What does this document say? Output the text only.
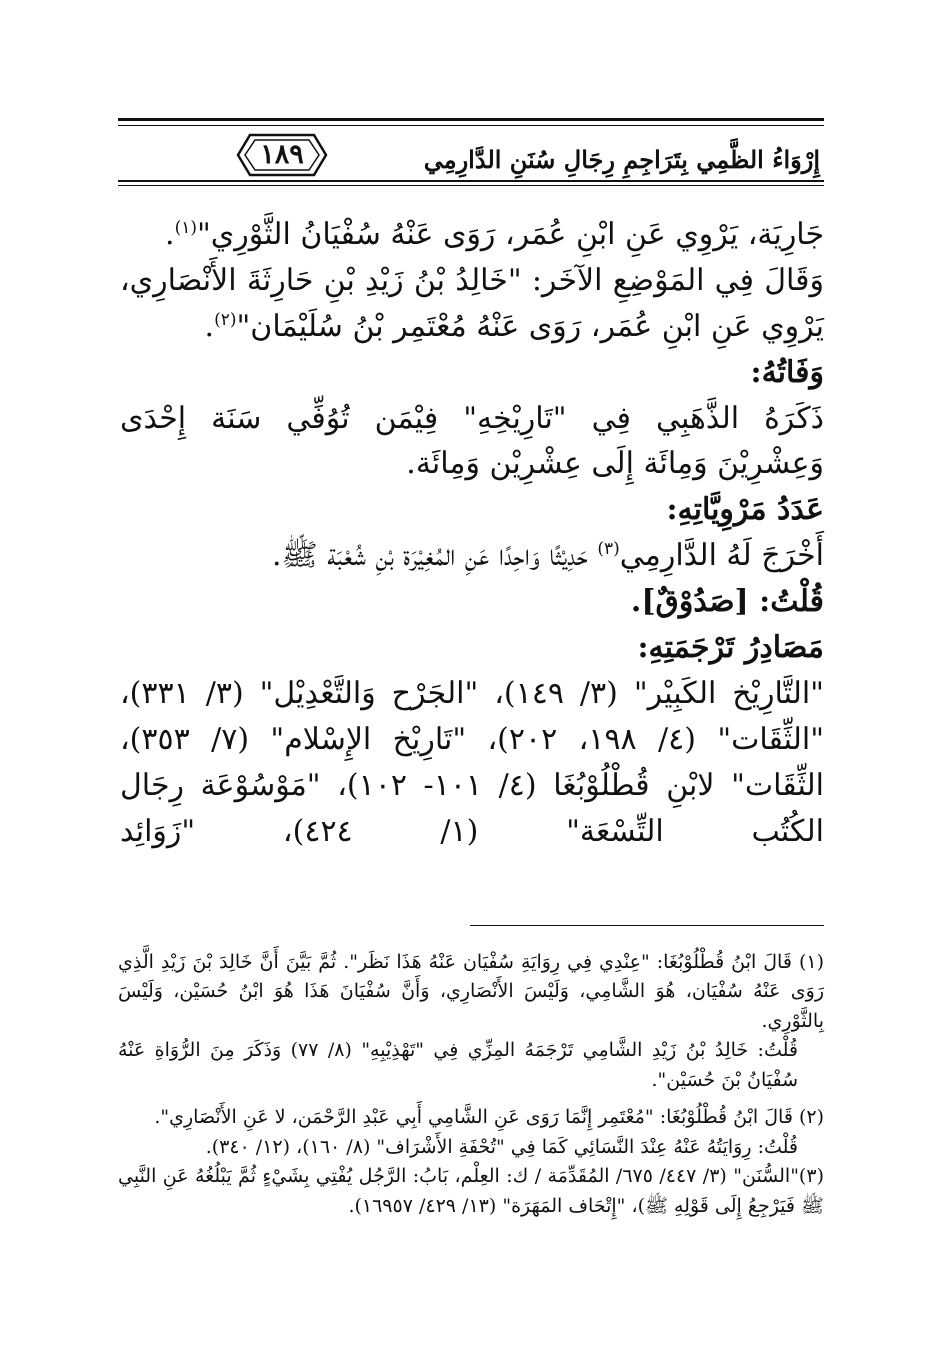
١٨٩	إِرْوَاءُ الظَّمِي بِتَرَاجِمِ رِجَالِ سُنَنِ الدَّارِمِي

جَارِيَة، يَرْوِي عَنِ ابْنِ عُمَر، رَوَى عَنْهُ سُفْيَانُ الثَّوْرِي"$^{(١)}$.

وَقَالَ فِي المَوْضِعِ الآخَر: "خَالِدُ بْنُ زَيْدِ بْنِ حَارِثَةَ الأَنْصَارِي، يَرْوِي عَنِ ابْنِ عُمَر، رَوَى عَنْهُ مُعْتَمِر بْنُ سُلَيْمَان"$^{(٢)}$.

وَفَاتُهُ:

ذَكَرَهُ الذَّهَبِي فِي "تَارِيْخِهِ" فِيْمَن تُوُفِّي سَنَة إِحْدَى وَعِشْرِيْنَ وَمِائَة إِلَى عِشْرِيْن وَمِائَة.

عَدَدُ مَرْوِيَّاتِهِ:

أَخْرَجَ لَهُ الدَّارِمِي$^{(٣)}$ حَدِيْثًا وَاحِدًا عَنِ المُغِيْرَة بْنِ شُعْبَة ﷺ.

قُلْتُ: [صَدُوْقٌ].

مَصَادِرُ تَرْجَمَتِهِ:

"التَّارِيْخ الكَبِيْر" (٣/ ١٤٩)، "الجَرْح وَالتَّعْدِيْل" (٣/ ٣٣١)، "الثِّقَات" (٤/ ١٩٨، ٢٠٢)، "تَارِيْخ الإِسْلام" (٧/ ٣٥٣)، الثِّقَات" لابْنِ قُطْلُوْبُغَا (٤/ ١٠١- ١٠٢)، "مَوْسُوْعَة رِجَال الكُتُب التِّسْعَة" (١/ ٤٢٤)، "زَوَائِد

(١) قَالَ ابْنُ قُطْلُوْبُغَا: "عِنْدِي فِي رِوَايَةِ سُفْيَان عَنْهُ هَذَا نَظَر". ثُمَّ بَيَّنَ أَنَّ خَالِدَ بْنَ زَيْدِ الَّذِي رَوَى عَنْهُ سُفْيَان، هُوَ الشَّامِي، وَلَيْسَ الأَنْصَارِي، وَأَنَّ سُفْيَانَ هَذَا هُوَ ابْنُ حُسَيْن، وَلَيْسَ بِالثَّوْرِي.

قُلْتُ: خَالِدُ بْنُ زَيْدِ الشَّامِي تَرْجَمَهُ المِزِّي فِي "تَهْذِيْبِهِ" (٨/ ٧٧) وَذَكَرَ مِنَ الرُّوَاةِ عَنْهُ سُفْيَانُ بْنَ حُسَيْن".

(٢) قَالَ ابْنُ قُطْلُوْبُغَا: "مُعْتَمِر إِنَّمَا رَوَى عَنِ الشَّامِي أَبِي عَبْدِ الرَّحْمَن، لا عَنِ الأَنْصَارِي".

قُلْتُ: رِوَايَتُهُ عَنْهُ عِنْدَ النَّسَائِي كَمَا فِي "تُحْفَةِ الأَشْرَاف" (٨/ ١٦٠)، (١٢/ ٣٤٠).

(٣)"السُّنَن" (٣/ ٤٤٧/ ٦٧٥/ المُقَدِّمَة / ك: العِلْم، بَابُ: الرَّجُل يُفْتِي بِشَيْءٍ ثُمَّ يَبْلُغُهُ عَنِ النَّبِي ﷺ فَيَرْجِعُ إِلَى قَوْلِهِ ﷺ)، "إِتْحَاف المَهَرَة" (١٣/ ٤٢٩/ ١٦٩٥٧).
